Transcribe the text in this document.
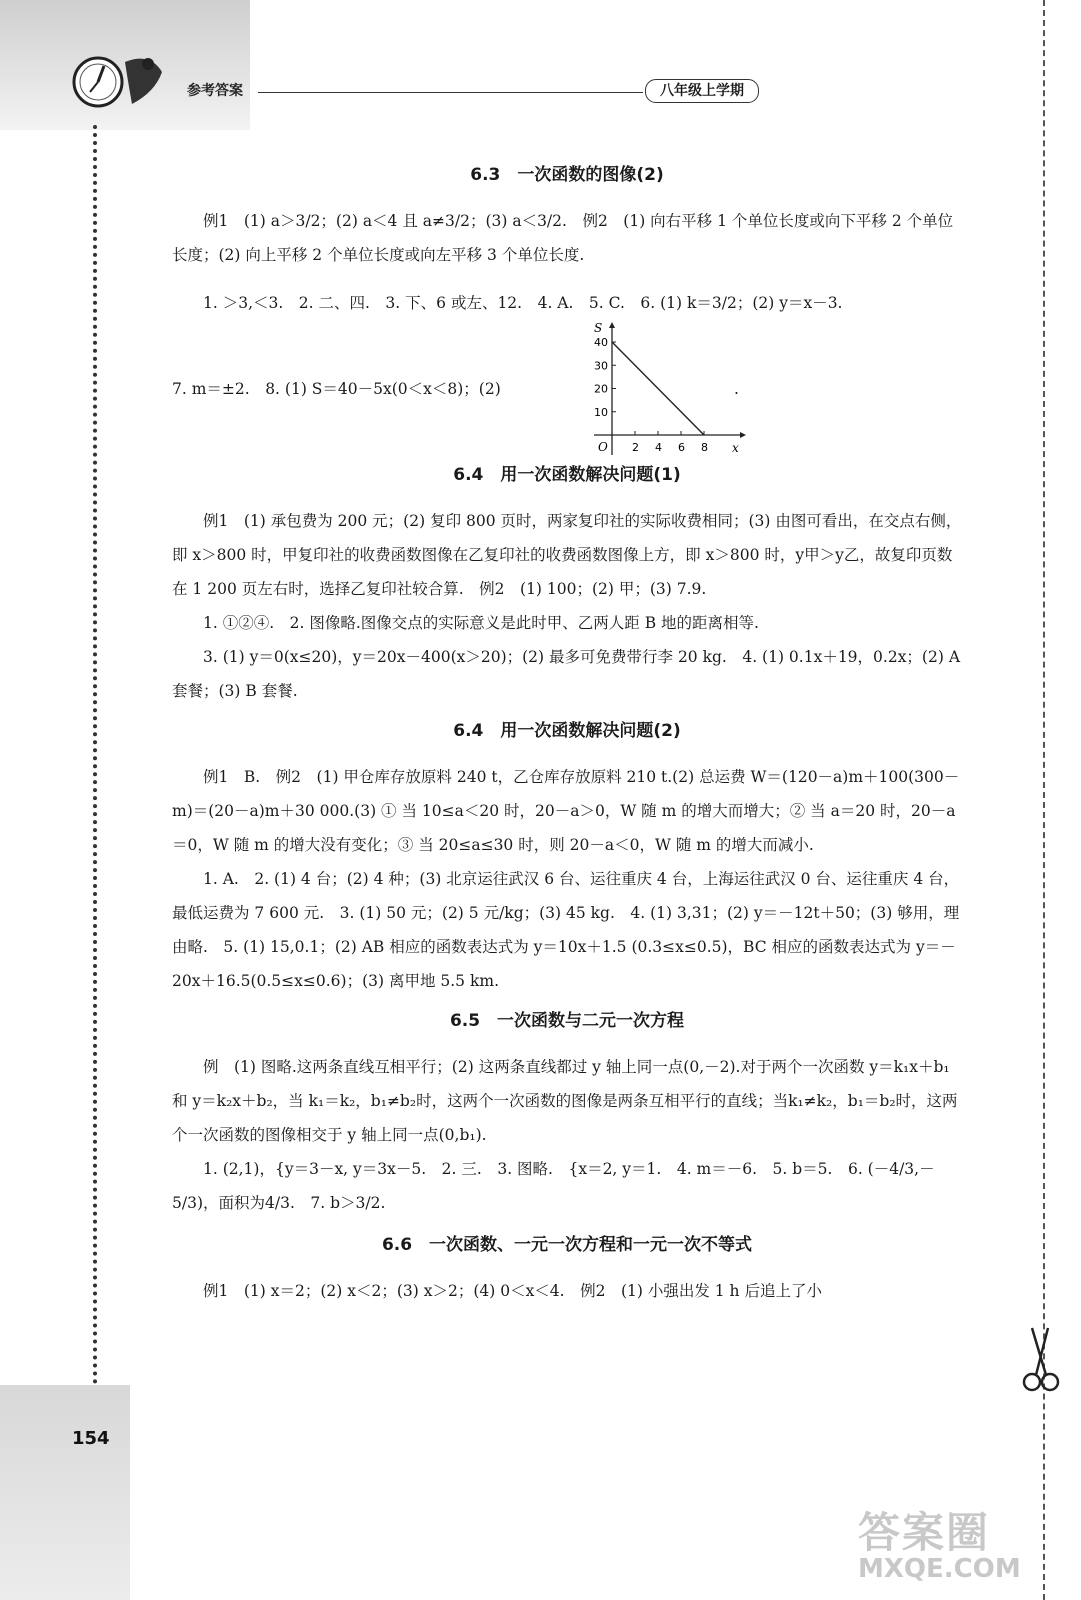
参考答案	八年级上学期
154
6.3　一次函数的图像(2)

例1　(1) a＞3/2；(2) a＜4 且 a≠3/2；(3) a＜3/2.　例2　(1) 向右平移 1 个单位长度或向下平移 2 个单位长度；(2) 向上平移 2 个单位长度或向左平移 3 个单位长度.

1. ＞3,＜3.　2. 二、四.　3. 下、6 或左、12.　4. A.　5. C.　6. (1) k＝3/2；(2) y＝x－3.

7. m＝±2.　8. (1) S＝40－5x(0＜x＜8)；(2)
S
x
O
40
30
20
10
2 4 6 8
.
6.4　用一次函数解决问题(1)

例1　(1) 承包费为 200 元；(2) 复印 800 页时，两家复印社的实际收费相同；(3) 由图可看出，在交点右侧，即 x＞800 时，甲复印社的收费函数图像在乙复印社的收费函数图像上方，即 x＞800 时，y甲＞y乙，故复印页数在 1 200 页左右时，选择乙复印社较合算.　例2　(1) 100；(2) 甲；(3) 7.9.

1. ①②④.　2. 图像略.图像交点的实际意义是此时甲、乙两人距 B 地的距离相等.

3. (1) y＝0(x≤20)，y＝20x－400(x＞20)；(2) 最多可免费带行李 20 kg.　4. (1) 0.1x＋19，0.2x；(2) A 套餐；(3) B 套餐.

6.4　用一次函数解决问题(2)

例1　B.　例2　(1) 甲仓库存放原料 240 t，乙仓库存放原料 210 t.(2) 总运费 W＝(120－a)m＋100(300－m)＝(20－a)m＋30 000.(3) ① 当 10≤a＜20 时，20－a＞0，W 随 m 的增大而增大；② 当 a＝20 时，20－a＝0，W 随 m 的增大没有变化；③ 当 20≤a≤30 时，则 20－a＜0，W 随 m 的增大而减小.

1. A.　2. (1) 4 台；(2) 4 种；(3) 北京运往武汉 6 台、运往重庆 4 台，上海运往武汉 0 台、运往重庆 4 台，最低运费为 7 600 元.　3. (1) 50 元；(2) 5 元/kg；(3) 45 kg.　4. (1) 3,31；(2) y＝－12t＋50；(3) 够用，理由略.　5. (1) 15,0.1；(2) AB 相应的函数表达式为 y＝10x＋1.5 (0.3≤x≤0.5)，BC 相应的函数表达式为 y＝－20x＋16.5(0.5≤x≤0.6)；(3) 离甲地 5.5 km.

6.5　一次函数与二元一次方程

例　(1) 图略.这两条直线互相平行；(2) 这两条直线都过 y 轴上同一点(0,－2).对于两个一次函数 y＝k₁x＋b₁和 y＝k₂x＋b₂，当 k₁＝k₂，b₁≠b₂时，这两个一次函数的图像是两条互相平行的直线；当k₁≠k₂，b₁＝b₂时，这两个一次函数的图像相交于 y 轴上同一点(0,b₁).

1. (2,1)，{y＝3－x, y＝3x－5.　2. 三.　3. 图略.　{x＝2, y＝1.　4. m＝－6.　5. b＝5.　6. (－4/3,－5/3)，面积为4/3.　7. b＞3/2.

6.6　一次函数、一元一次方程和一元一次不等式

例1　(1) x＝2；(2) x＜2；(3) x＞2；(4) 0＜x＜4.　例2　(1) 小强出发 1 h 后追上了小

答案圈
MXQE.COM
